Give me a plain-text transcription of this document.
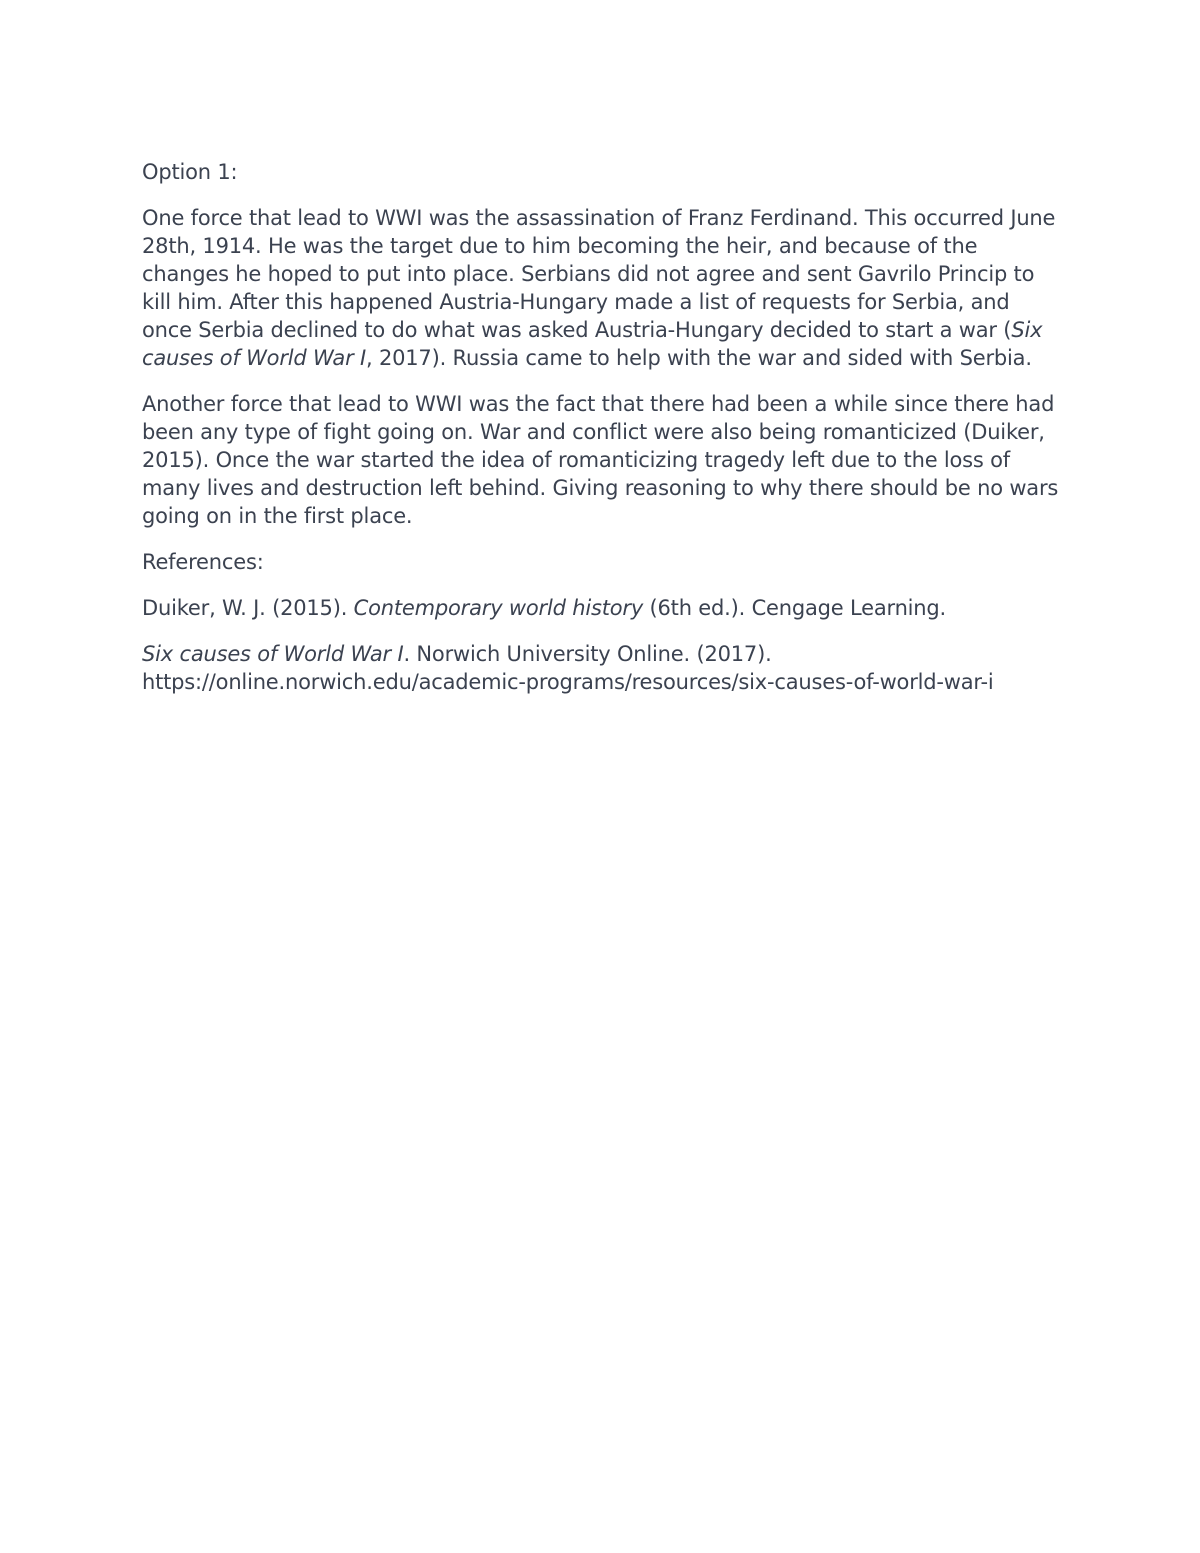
Option 1:

One force that lead to WWI was the assassination of Franz Ferdinand. This occurred June 28th, 1914. He was the target due to him becoming the heir, and because of the changes he hoped to put into place. Serbians did not agree and sent Gavrilo Princip to kill him. After this happened Austria-Hungary made a list of requests for Serbia, and once Serbia declined to do what was asked Austria-Hungary decided to start a war (Six causes of World War I, 2017). Russia came to help with the war and sided with Serbia.

Another force that lead to WWI was the fact that there had been a while since there had been any type of fight going on. War and conflict were also being romanticized (Duiker, 2015). Once the war started the idea of romanticizing tragedy left due to the loss of many lives and destruction left behind. Giving reasoning to why there should be no wars going on in the first place.

References:

Duiker, W. J. (2015). Contemporary world history (6th ed.). Cengage Learning.

Six causes of World War I. Norwich University Online. (2017).
https://online.norwich.edu/academic-programs/resources/six-causes-of-world-war-i
